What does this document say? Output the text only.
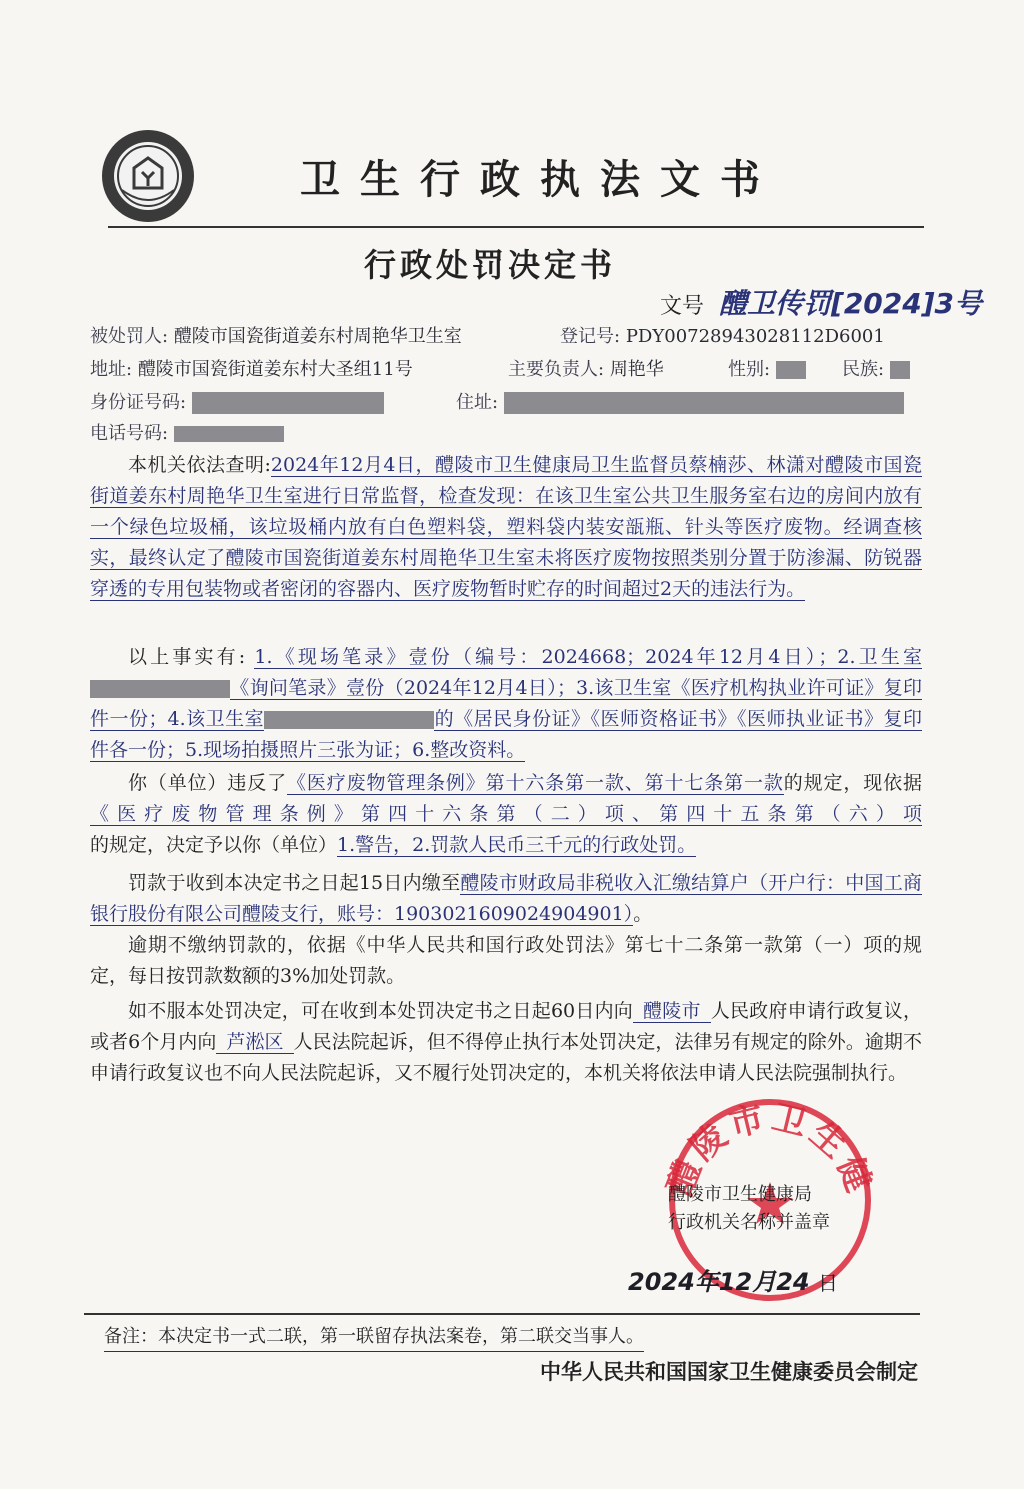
卫生行政执法文书
行政处罚决定书
文号 醴卫传罚[2024]3号
被处罚人: 醴陵市国瓷街道姜东村周艳华卫生室	登记号: PDY00728943028112D6001
地址: 醴陵市国瓷街道姜东村大圣组11号	主要负责人: 周艳华	性别:	民族:
身份证号码:	住址:
电话号码:

本机关依法查明:2024年12月4日，醴陵市卫生健康局卫生监督员蔡楠莎、林潇对醴陵市国瓷街道姜东村周艳华卫生室进行日常监督，检查发现：在该卫生室公共卫生服务室右边的房间内放有一个绿色垃圾桶，该垃圾桶内放有白色塑料袋，塑料袋内装安瓿瓶、针头等医疗废物。经调查核实，最终认定了醴陵市国瓷街道姜东村周艳华卫生室未将医疗废物按照类别分置于防渗漏、防锐器穿透的专用包装物或者密闭的容器内、医疗废物暂时贮存的时间超过2天的违法行为。

以上事实有: 1.《现场笔录》壹份（编号：2024668；2024年12月4日）；2.卫生室《询问笔录》壹份（2024年12月4日）；3.该卫生室《医疗机构执业许可证》复印件一份；4.该卫生室	的《居民身份证》《医师资格证书》《医师执业证书》复印件各一份；5.现场拍摄照片三张为证；6.整改资料。

你（单位）违反了《医疗废物管理条例》第十六条第一款、第十七条第一款的规定，现依据《医疗废物管理条例》第四十六条第（二）项、第四十五条第（六）项的规定，决定予以你（单位）1.警告，2.罚款人民币三千元的行政处罚。

罚款于收到本决定书之日起15日内缴至醴陵市财政局非税收入汇缴结算户（开户行：中国工商银行股份有限公司醴陵支行，账号：1903021609024904901）。

逾期不缴纳罚款的，依据《中华人民共和国行政处罚法》第七十二条第一款第（一）项的规定，每日按罚款数额的3%加处罚款。

如不服本处罚决定，可在收到本处罚决定书之日起60日内向 醴陵市 人民政府申请行政复议，或者6个月内向 芦淞区 人民法院起诉，但不得停止执行本处罚决定，法律另有规定的除外。逾期不申请行政复议也不向人民法院起诉，又不履行处罚决定的，本机关将依法申请人民法院强制执行。

醴陵市卫生健
醴陵市卫生健康局
行政机关名称并盖章
2024年12月24 日
备注：本决定书一式二联，第一联留存执法案卷，第二联交当事人。
中华人民共和国国家卫生健康委员会制定
